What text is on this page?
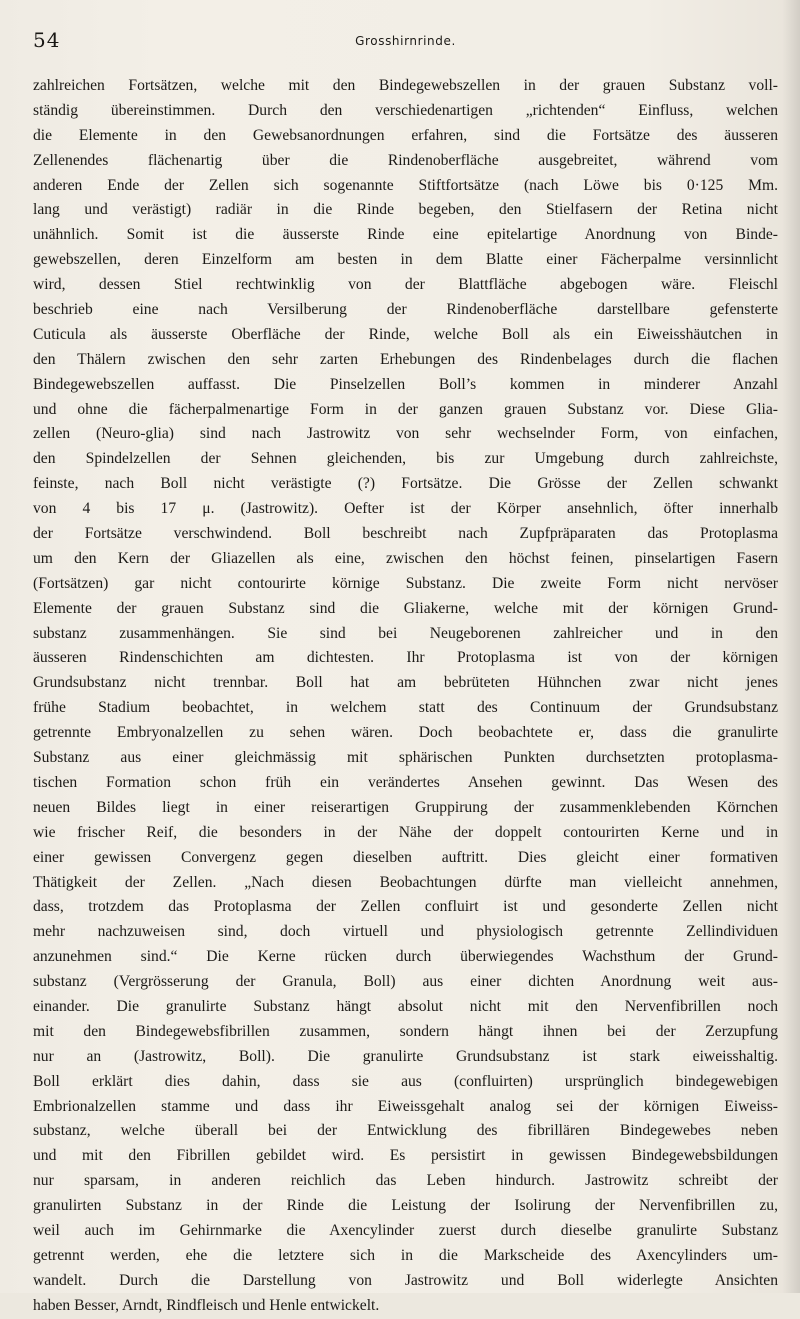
54	Grosshirnrinde.
zahlreichen Fortsätzen, welche mit den Bindegewebszellen in der grauen Substanz voll-
ständig übereinstimmen. Durch den verschiedenartigen „richtenden“ Einfluss, welchen
die Elemente in den Gewebsanordnungen erfahren, sind die Fortsätze des äusseren
Zellenendes flächenartig über die Rindenoberfläche ausgebreitet, während vom
anderen Ende der Zellen sich sogenannte Stiftfortsätze (nach Löwe bis 0·125 Mm.
lang und verästigt) radiär in die Rinde begeben, den Stielfasern der Retina nicht
unähnlich. Somit ist die äusserste Rinde eine epitelartige Anordnung von Binde-
gewebszellen, deren Einzelform am besten in dem Blatte einer Fächerpalme versinnlicht
wird, dessen Stiel rechtwinklig von der Blattfläche abgebogen wäre. Fleischl
beschrieb eine nach Versilberung der Rindenoberfläche darstellbare gefensterte
Cuticula als äusserste Oberfläche der Rinde, welche Boll als ein Eiweisshäutchen in
den Thälern zwischen den sehr zarten Erhebungen des Rindenbelages durch die flachen
Bindegewebszellen auffasst. Die Pinselzellen Boll’s kommen in minderer Anzahl
und ohne die fächerpalmenartige Form in der ganzen grauen Substanz vor. Diese Glia-
zellen (Neuro-glia) sind nach Jastrowitz von sehr wechselnder Form, von einfachen,
den Spindelzellen der Sehnen gleichenden, bis zur Umgebung durch zahlreichste,
feinste, nach Boll nicht verästigte (?) Fortsätze. Die Grösse der Zellen schwankt
von 4 bis 17 μ. (Jastrowitz). Oefter ist der Körper ansehnlich, öfter innerhalb
der Fortsätze verschwindend. Boll beschreibt nach Zupfpräparaten das Protoplasma
um den Kern der Gliazellen als eine, zwischen den höchst feinen, pinselartigen Fasern
(Fortsätzen) gar nicht contourirte körnige Substanz. Die zweite Form nicht nervöser
Elemente der grauen Substanz sind die Gliakerne, welche mit der körnigen Grund-
substanz zusammenhängen. Sie sind bei Neugeborenen zahlreicher und in den
äusseren Rindenschichten am dichtesten. Ihr Protoplasma ist von der körnigen
Grundsubstanz nicht trennbar. Boll hat am bebrüteten Hühnchen zwar nicht jenes
frühe Stadium beobachtet, in welchem statt des Continuum der Grundsubstanz
getrennte Embryonalzellen zu sehen wären. Doch beobachtete er, dass die granulirte
Substanz aus einer gleichmässig mit sphärischen Punkten durchsetzten protoplasma-
tischen Formation schon früh ein verändertes Ansehen gewinnt. Das Wesen des
neuen Bildes liegt in einer reiserartigen Gruppirung der zusammenklebenden Körnchen
wie frischer Reif, die besonders in der Nähe der doppelt contourirten Kerne und in
einer gewissen Convergenz gegen dieselben auftritt. Dies gleicht einer formativen
Thätigkeit der Zellen. „Nach diesen Beobachtungen dürfte man vielleicht annehmen,
dass, trotzdem das Protoplasma der Zellen confluirt ist und gesonderte Zellen nicht
mehr nachzuweisen sind, doch virtuell und physiologisch getrennte Zellindividuen
anzunehmen sind.“ Die Kerne rücken durch überwiegendes Wachsthum der Grund-
substanz (Vergrösserung der Granula, Boll) aus einer dichten Anordnung weit aus-
einander. Die granulirte Substanz hängt absolut nicht mit den Nervenfibrillen noch
mit den Bindegewebsfibrillen zusammen, sondern hängt ihnen bei der Zerzupfung
nur an (Jastrowitz, Boll). Die granulirte Grundsubstanz ist stark eiweisshaltig.
Boll erklärt dies dahin, dass sie aus (confluirten) ursprünglich bindegewebigen
Embrionalzellen stamme und dass ihr Eiweissgehalt analog sei der körnigen Eiweiss-
substanz, welche überall bei der Entwicklung des fibrillären Bindegewebes neben
und mit den Fibrillen gebildet wird. Es persistirt in gewissen Bindegewebsbildungen
nur sparsam, in anderen reichlich das Leben hindurch. Jastrowitz schreibt der
granulirten Substanz in der Rinde die Leistung der Isolirung der Nervenfibrillen zu,
weil auch im Gehirnmarke die Axencylinder zuerst durch dieselbe granulirte Substanz
getrennt werden, ehe die letztere sich in die Markscheide des Axencylinders um-
wandelt. Durch die Darstellung von Jastrowitz und Boll widerlegte Ansichten
haben Besser, Arndt, Rindfleisch und Henle entwickelt.
